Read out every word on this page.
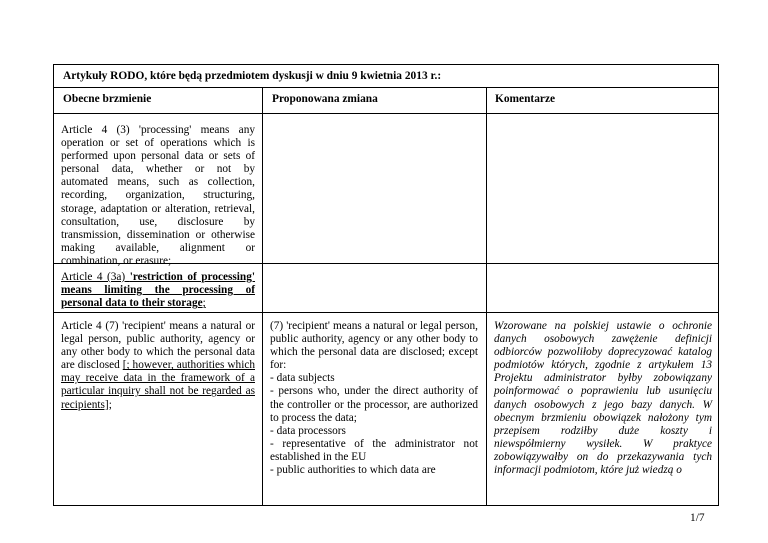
Artykuły RODO, które będą przedmiotem dyskusji w dniu 9 kwietnia 2013 r.:
Obecne brzmienie	Proponowana zmiana	Komentarze
Article 4 (3) 'processing' means any operation or set of operations which is performed upon personal data or sets of personal data, whether or not by automated means, such as collection, recording, organization, structuring, storage, adaptation or alteration, retrieval, consultation, use, disclosure by transmission, dissemination or otherwise making available, alignment or combination, or erasure;
Article 4 (3a) 'restriction of processing' means limiting the processing of personal data to their storage;
Article 4 (7) 'recipient' means a natural or legal person, public authority, agency or any other body to which the personal data are disclosed [; however, authorities which may receive data in the framework of a particular inquiry shall not be regarded as recipients];
(7) 'recipient' means a natural or legal person, public authority, agency or any other body to which the personal data are disclosed; except for:
- data subjects
- persons who, under the direct authority of the controller or the processor, are authorized to process the data;
- data processors
- representative of the administrator not established in the EU
- public authorities to which data are
Wzorowane na polskiej ustawie o ochronie danych osobowych zawężenie definicji odbiorców pozwoliłoby doprecyzować katalog podmiotów których, zgodnie z artykułem 13 Projektu administrator byłby zobowiązany poinformować o poprawieniu lub usunięciu danych osobowych z jego bazy danych. W obecnym brzmieniu obowiązek nałożony tym przepisem rodziłby duże koszty i niewspółmierny wysiłek. W praktyce zobowiązywałby on do przekazywania tych informacji podmiotom, które już wiedzą o
1/7
